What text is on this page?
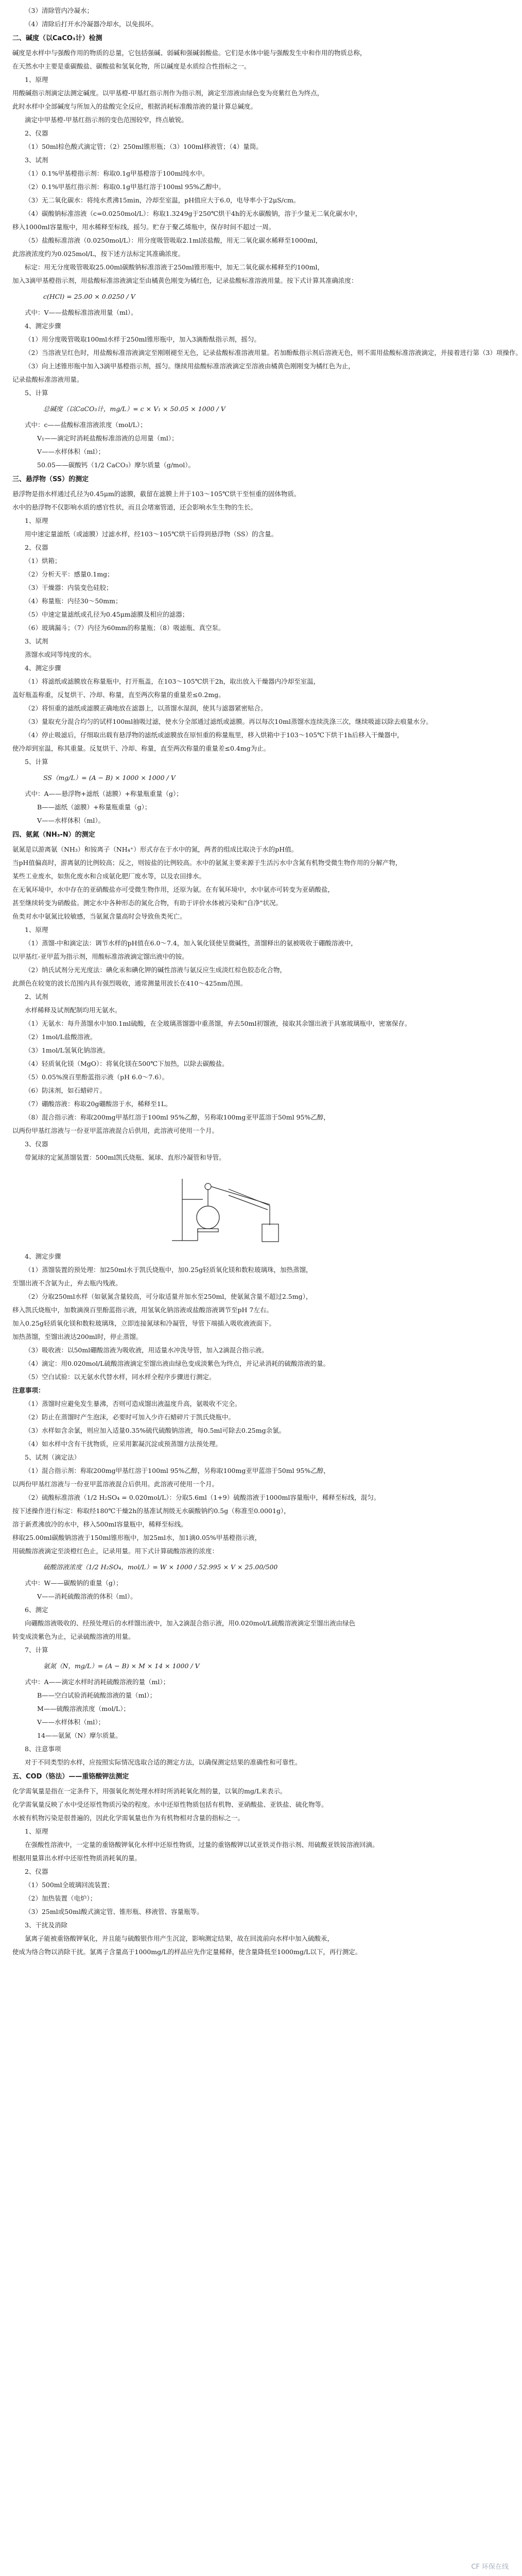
（3）清除管内冷凝水；
（4）清除后打开水冷凝器冷却水，以免损坏。
二、碱度（以CaCO₃计）检测
碱度是水样中与强酸作用的物质的总量，它包括强碱、弱碱和强碱弱酸盐。它们是水体中能与强酸发生中和作用的物质总称，
在天然水中主要是重碳酸盐、碳酸盐和氢氧化物，所以碱度是水质综合性指标之一。
1、原理
用酸碱指示剂滴定法测定碱度。以甲基橙-甲基红指示剂作为指示剂，滴定至溶液由绿色变为亮紫红色为终点，
此时水样中全部碱度与所加入的盐酸完全反应，根据消耗标准酸溶液的量计算总碱度。
滴定中甲基橙-甲基红指示剂的变色范围较窄，终点敏锐。
2、仪器
（1）50ml棕色酸式滴定管；（2）250ml锥形瓶；（3）100ml移液管；（4）量筒。
3、试剂
（1）0.1%甲基橙指示剂：称取0.1g甲基橙溶于100ml纯水中。
（2）0.1%甲基红指示剂：称取0.1g甲基红溶于100ml 95%乙醇中。
（3）无二氧化碳水：将纯水煮沸15min，冷却至室温，pH值应大于6.0，电导率小于2μS/cm。
（4）碳酸钠标准溶液（c=0.0250mol/L）：称取1.3249g于250℃烘干4h的无水碳酸钠，溶于少量无二氧化碳水中，
移入1000ml容量瓶中，用水稀释至标线，摇匀。贮存于聚乙烯瓶中，保存时间不超过一周。
（5）盐酸标准溶液（0.0250mol/L）：用分度吸管吸取2.1ml浓盐酸，用无二氧化碳水稀释至1000ml，
此溶液浓度约为0.025mol/L，按下述方法标定其准确浓度。
标定：用无分度吸管吸取25.00ml碳酸钠标准溶液于250ml锥形瓶中，加无二氧化碳水稀释至约100ml，
加入3滴甲基橙指示剂，用盐酸标准溶液滴定至由橘黄色刚变为橘红色，记录盐酸标准溶液用量。按下式计算其准确浓度：
c(HCl) = 25.00 × 0.0250 / V
式中：V——盐酸标准溶液用量（ml）。
4、测定步骤
（1）用分度吸管吸取100ml水样于250ml锥形瓶中，加入3滴酚酞指示剂，摇匀。
（2）当溶液呈红色时，用盐酸标准溶液滴定至刚刚褪至无色，记录盐酸标准溶液用量。若加酚酞指示剂后溶液无色，则不需用盐酸标准溶液滴定，并接着进行第（3）项操作。
（3）向上述锥形瓶中加入3滴甲基橙指示剂，摇匀。继续用盐酸标准溶液滴定至溶液由橘黄色刚刚变为橘红色为止，
记录盐酸标准溶液用量。
5、计算
总碱度（以CaCO₃计，mg/L）= c × V₁ × 50.05 × 1000 / V
式中：c——盐酸标准溶液浓度（mol/L）；
V₁——滴定时消耗盐酸标准溶液的总用量（ml）；
V——水样体积（ml）；
50.05——碳酸钙（1/2 CaCO₃）摩尔质量（g/mol）。
三、悬浮物（SS）的测定
悬浮物是指水样通过孔径为0.45μm的滤膜，截留在滤膜上并于103～105℃烘干至恒重的固体物质。
水中的悬浮物不仅影响水质的感官性状，而且会堵塞管道，还会影响水生生物的生长。
1、原理
用中速定量滤纸（或滤膜）过滤水样，经103～105℃烘干后得到悬浮物（SS）的含量。
2、仪器
（1）烘箱；
（2）分析天平：感量0.1mg；
（3）干燥器：内装变色硅胶；
（4）称量瓶：内径30～50mm；
（5）中速定量滤纸或孔径为0.45μm滤膜及相应的滤器；
（6）玻璃漏斗；（7）内径为60mm的称量瓶；（8）吸滤瓶、真空泵。
3、试剂
蒸馏水或同等纯度的水。
4、测定步骤
（1）将滤纸或滤膜放在称量瓶中，打开瓶盖，在103～105℃烘干2h，取出放入干燥器内冷却至室温，
盖好瓶盖称重，反复烘干、冷却、称量，直至两次称量的重量差≤0.2mg。
（2）将恒重的滤纸或滤膜正确地放在滤器上，以蒸馏水湿润，使其与滤器紧密贴合。
（3）量取充分混合均匀的试样100ml抽吸过滤，使水分全部通过滤纸或滤膜。再以每次10ml蒸馏水连续洗涤三次，继续吸滤以除去痕量水分。
（4）停止吸滤后，仔细取出载有悬浮物的滤纸或滤膜放在原恒重的称量瓶里，移入烘箱中于103～105℃下烘干1h后移入干燥器中，
使冷却到室温，称其重量。反复烘干、冷却、称量，直至两次称量的重量差≤0.4mg为止。
5、计算
SS（mg/L）= (A − B) × 1000 × 1000 / V
式中：A——悬浮物+滤纸（滤膜）+称量瓶重量（g）；
B——滤纸（滤膜）+称量瓶重量（g）；
V——水样体积（ml）。
四、氨氮（NH₃-N）的测定
氨氮是以游离氨（NH₃）和铵离子（NH₄⁺）形式存在于水中的氮，两者的组成比取决于水的pH值。
当pH值偏高时，游离氨的比例较高；反之，则铵盐的比例较高。水中的氨氮主要来源于生活污水中含氮有机物受微生物作用的分解产物，
某些工业废水，如焦化废水和合成氨化肥厂废水等，以及农田排水。
在无氧环境中，水中存在的亚硝酸盐亦可受微生物作用，还原为氨。在有氧环境中，水中氨亦可转变为亚硝酸盐，
甚至继续转变为硝酸盐。测定水中各种形态的氮化合物，有助于评价水体被污染和"自净"状况。
鱼类对水中氨氮比较敏感，当氨氮含量高时会导致鱼类死亡。
1、原理
（1）蒸馏-中和滴定法：调节水样的pH值在6.0～7.4，加入氧化镁使呈微碱性，蒸馏释出的氨被吸收于硼酸溶液中，
以甲基红-亚甲蓝为指示剂，用酸标准溶液滴定馏出液中的铵。
（2）纳氏试剂分光光度法：碘化汞和碘化钾的碱性溶液与氨反应生成淡红棕色胶态化合物，
此颜色在较宽的波长范围内具有强烈吸收，通常测量用波长在410～425nm范围。
2、试剂
水样稀释及试剂配制均用无氨水。
（1）无氨水：每升蒸馏水中加0.1ml硫酸，在全玻璃蒸馏器中重蒸馏，弃去50ml初馏液，接取其余馏出液于具塞玻璃瓶中，密塞保存。
（2）1mol/L盐酸溶液。
（3）1mol/L氢氧化钠溶液。
（4）轻质氧化镁（MgO）：将氧化镁在500℃下加热，以除去碳酸盐。
（5）0.05%溴百里酚蓝指示液（pH 6.0～7.6）。
（6）防沫剂，如石蜡碎片。
（7）硼酸溶液：称取20g硼酸溶于水，稀释至1L。
（8）混合指示液：称取200mg甲基红溶于100ml 95%乙醇，另称取100mg亚甲蓝溶于50ml 95%乙醇，
以两份甲基红溶液与一份亚甲蓝溶液混合后供用，此溶液可使用一个月。
3、仪器
带氮球的定氮蒸馏装置：500ml凯氏烧瓶、氮球、直形冷凝管和导管。
4、测定步骤
（1）蒸馏装置的预处理：加250ml水于凯氏烧瓶中，加0.25g轻质氧化镁和数粒玻璃珠，加热蒸馏，
至馏出液不含氨为止，弃去瓶内残液。
（2）分取250ml水样（如氨氮含量较高，可分取适量并加水至250ml，使氨氮含量不超过2.5mg），
移入凯氏烧瓶中，加数滴溴百里酚蓝指示液，用氢氧化钠溶液或盐酸溶液调节至pH 7左右。
加入0.25g轻质氧化镁和数粒玻璃珠，立即连接氮球和冷凝管，导管下端插入吸收液液面下。
加热蒸馏，至馏出液达200ml时，停止蒸馏。
（3）吸收液：以50ml硼酸溶液为吸收液，用适量水冲洗导管，加入2滴混合指示液。
（4）滴定：用0.020mol/L硫酸溶液滴定至馏出液由绿色变成淡紫色为终点，并记录消耗的硫酸溶液的量。
（5）空白试验：以无氨水代替水样，同水样全程序步骤进行测定。
注意事项：
（1）蒸馏时应避免发生暴沸，否则可造成馏出液温度升高，氨吸收不完全。
（2）防止在蒸馏时产生泡沫，必要时可加入少许石蜡碎片于凯氏烧瓶中。
（3）水样如含余氯，则应加入适量0.35%硫代硫酸钠溶液，每0.5ml可除去0.25mg余氯。
（4）如水样中含有干扰物质，应采用絮凝沉淀或预蒸馏方法预处理。
5、试剂（滴定法）
（1）混合指示剂：称取200mg甲基红溶于100ml 95%乙醇，另称取100mg亚甲蓝溶于50ml 95%乙醇，
以两份甲基红溶液与一份亚甲蓝溶液混合后供用。此溶液可使用一个月。
（2）硫酸标准溶液（1/2 H₂SO₄ = 0.020mol/L）：分取5.6ml（1+9）硫酸溶液于1000ml容量瓶中，稀释至标线，混匀。
按下述操作进行标定：称取经180℃干燥2h的基准试剂级无水碳酸钠约0.5g（称准至0.0001g），
溶于新煮沸放冷的水中，移入500ml容量瓶中，稀释至标线。
移取25.00ml碳酸钠溶液于150ml锥形瓶中，加25ml水，加1滴0.05%甲基橙指示液，
用硫酸溶液滴定至淡橙红色止，记录用量。用下式计算硫酸溶液的浓度：
硫酸溶液浓度（1/2 H₂SO₄，mol/L）= W × 1000 / 52.995 × V × 25.00/500
式中：W——碳酸钠的重量（g）；
V——消耗硫酸溶液的体积（ml）。
6、测定
向硼酸溶液吸收的、经预处理后的水样馏出液中，加入2滴混合指示液，用0.020mol/L硫酸溶液滴定至馏出液由绿色
转变成淡紫色为止，记录硫酸溶液的用量。
7、计算
氨氮（N，mg/L）= (A − B) × M × 14 × 1000 / V
式中：A——滴定水样时消耗硫酸溶液的量（ml）；
B——空白试验消耗硫酸溶液的量（ml）；
M——硫酸溶液浓度（mol/L）；
V——水样体积（ml）；
14——氨氮（N）摩尔质量。
8、注意事项
对于不同类型的水样，应按照实际情况选取合适的测定方法，以确保测定结果的准确性和可靠性。
五、COD（铬法）——重铬酸钾法测定
化学需氧量是指在一定条件下，用强氧化剂处理水样时所消耗氧化剂的量，以氧的mg/L来表示。
化学需氧量反映了水中受还原性物质污染的程度。水中还原性物质包括有机物、亚硝酸盐、亚铁盐、硫化物等。
水被有机物污染是很普遍的，因此化学需氧量也作为有机物相对含量的指标之一。
1、原理
在强酸性溶液中，一定量的重铬酸钾氧化水样中还原性物质，过量的重铬酸钾以试亚铁灵作指示剂、用硫酸亚铁铵溶液回滴。
根据用量算出水样中还原性物质消耗氧的量。
2、仪器
（1）500ml全玻璃回流装置；
（2）加热装置（电炉）；
（3）25ml或50ml酸式滴定管、锥形瓶、移液管、容量瓶等。
3、干扰及消除
氯离子能被重铬酸钾氧化，并且能与硫酸银作用产生沉淀，影响测定结果，故在回流前向水样中加入硫酸汞，
使成为络合物以消除干扰。氯离子含量高于1000mg/L的样品应先作定量稀释，使含量降低至1000mg/L以下，再行测定。
CF 环保在线
